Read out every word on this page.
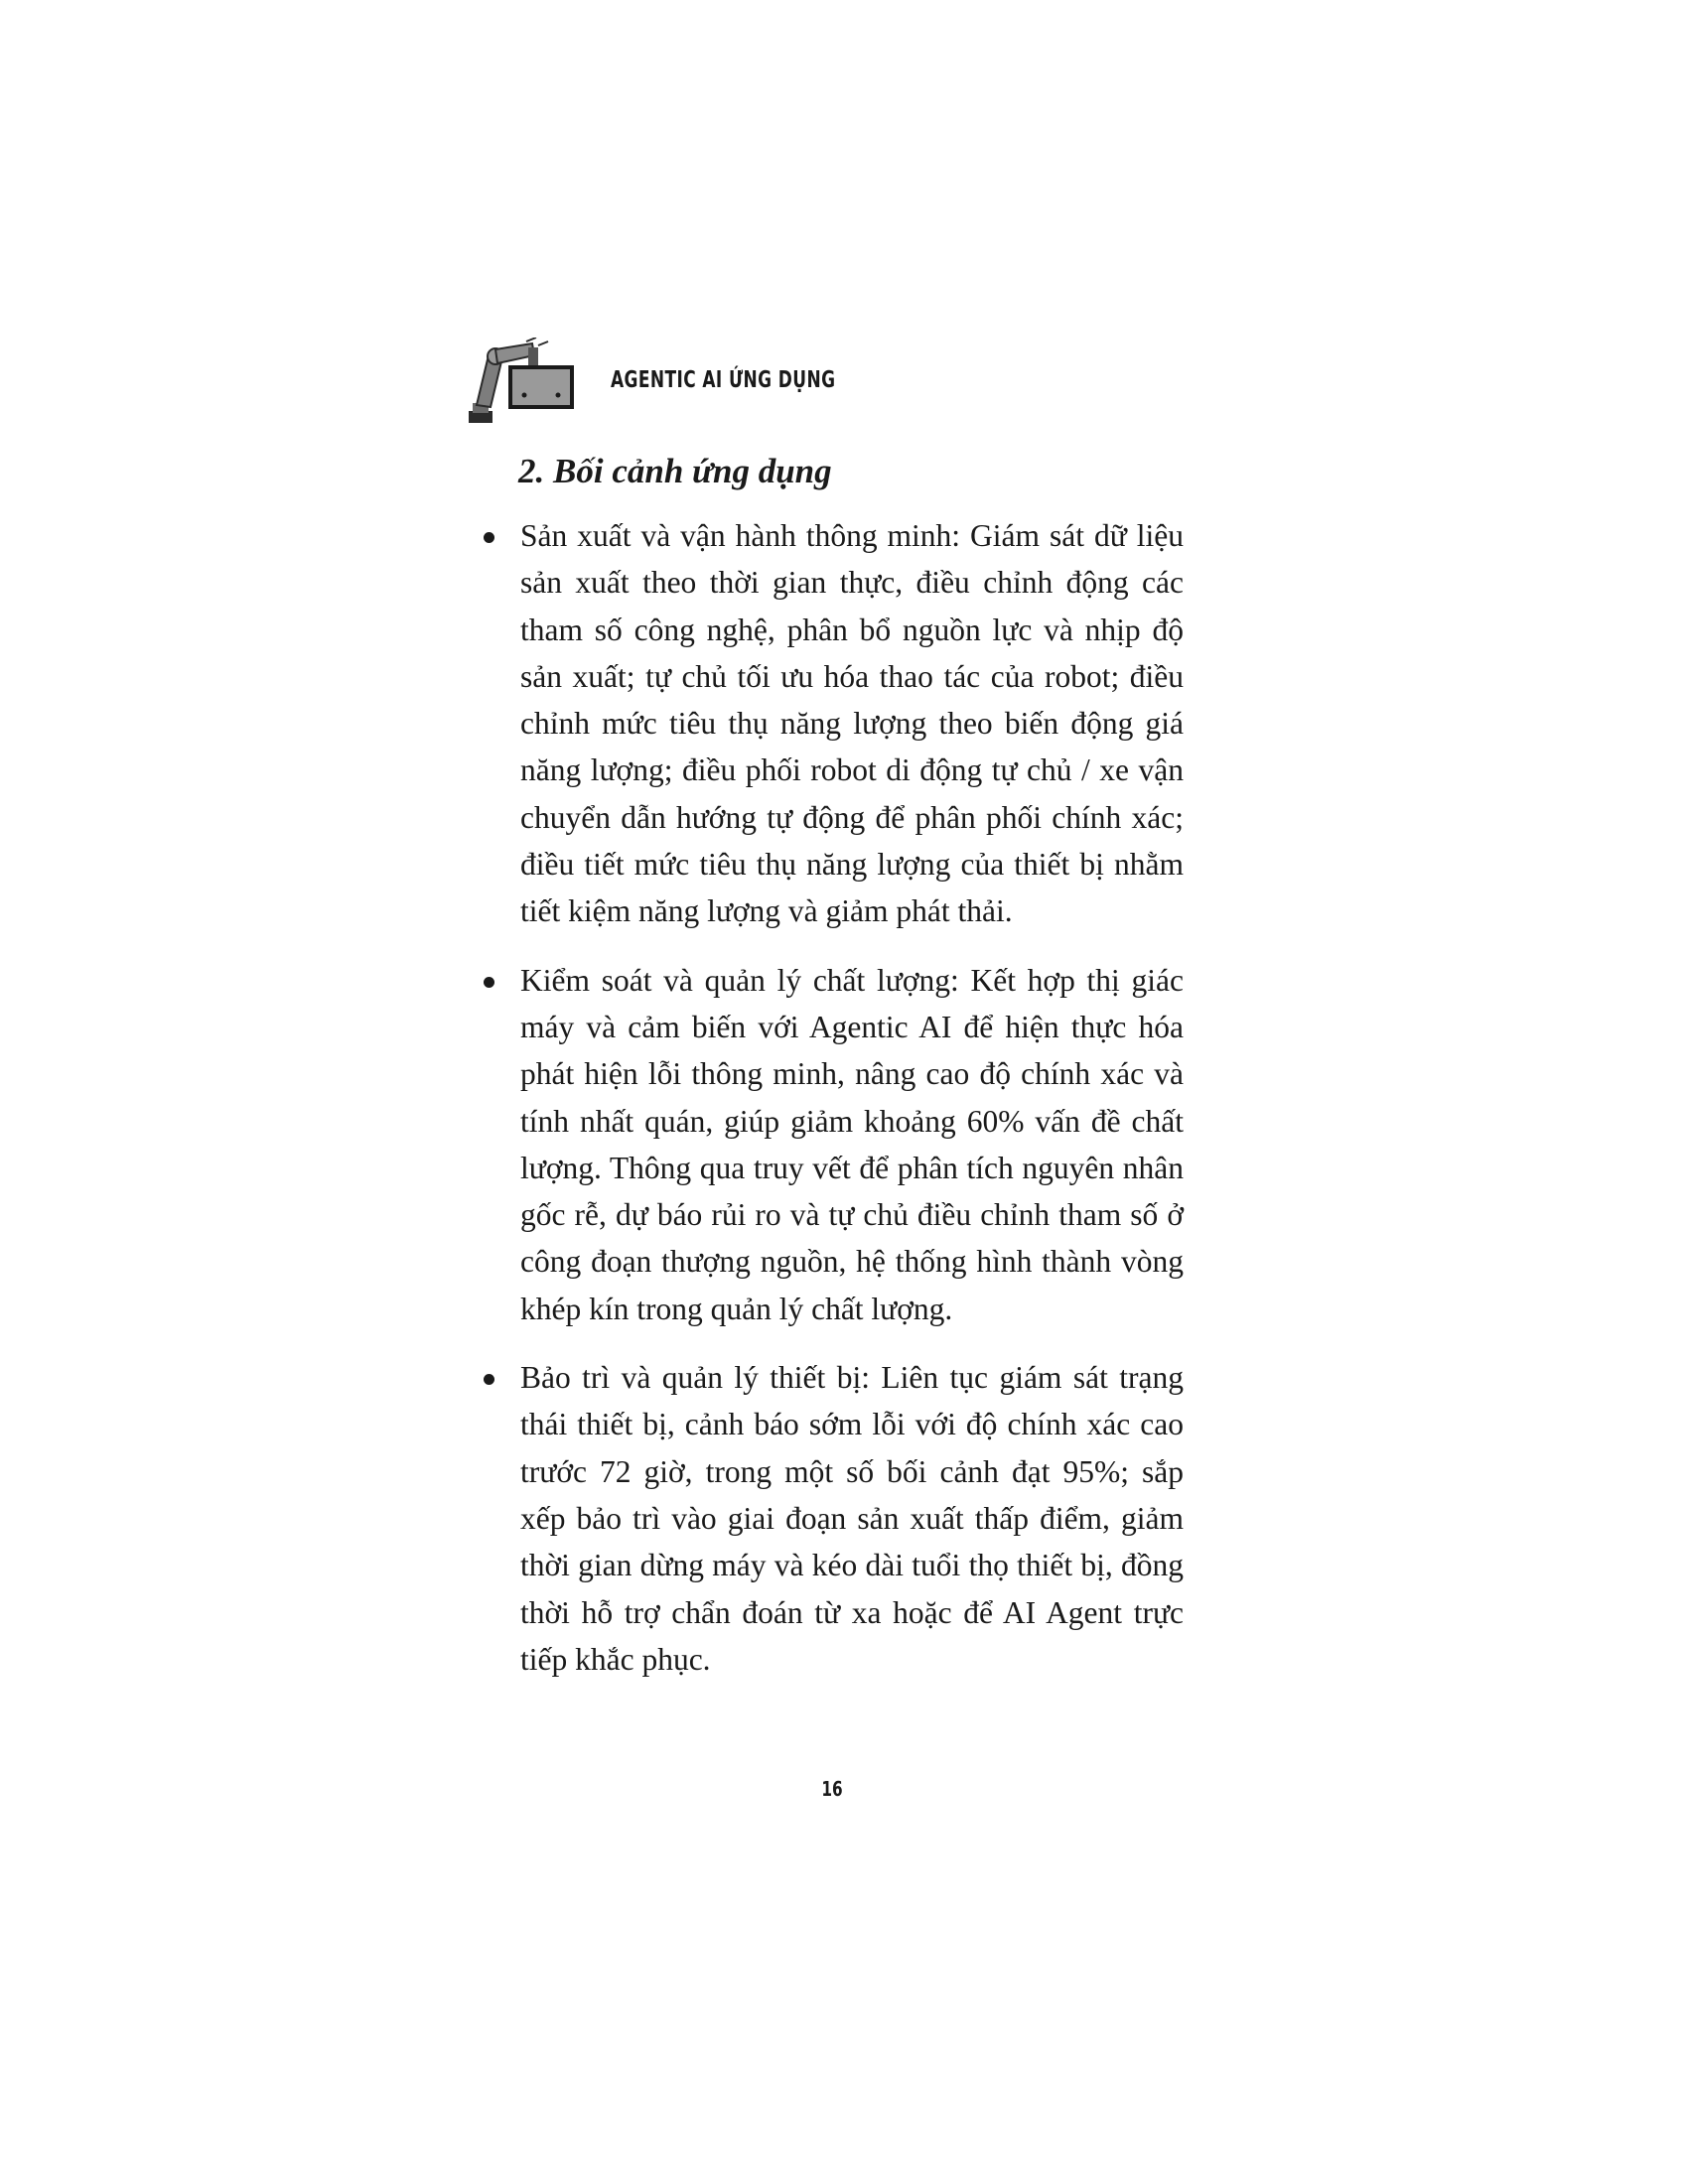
AGENTIC AI ỨNG DỤNG
2. Bối cảnh ứng dụng
Sản xuất và vận hành thông minh: Giám sát dữ liệu sản xuất theo thời gian thực, điều chỉnh động các tham số công nghệ, phân bổ nguồn lực và nhịp độ sản xuất; tự chủ tối ưu hóa thao tác của robot; điều chỉnh mức tiêu thụ năng lượng theo biến động giá năng lượng; điều phối robot di động tự chủ / xe vận chuyển dẫn hướng tự động để phân phối chính xác; điều tiết mức tiêu thụ năng lượng của thiết bị nhằm tiết kiệm năng lượng và giảm phát thải.
Kiểm soát và quản lý chất lượng: Kết hợp thị giác máy và cảm biến với Agentic AI để hiện thực hóa phát hiện lỗi thông minh, nâng cao độ chính xác và tính nhất quán, giúp giảm khoảng 60% vấn đề chất lượng. Thông qua truy vết để phân tích nguyên nhân gốc rễ, dự báo rủi ro và tự chủ điều chỉnh tham số ở công đoạn thượng nguồn, hệ thống hình thành vòng khép kín trong quản lý chất lượng.
Bảo trì và quản lý thiết bị: Liên tục giám sát trạng thái thiết bị, cảnh báo sớm lỗi với độ chính xác cao trước 72 giờ, trong một số bối cảnh đạt 95%; sắp xếp bảo trì vào giai đoạn sản xuất thấp điểm, giảm thời gian dừng máy và kéo dài tuổi thọ thiết bị, đồng thời hỗ trợ chẩn đoán từ xa hoặc để AI Agent trực tiếp khắc phục.
16
